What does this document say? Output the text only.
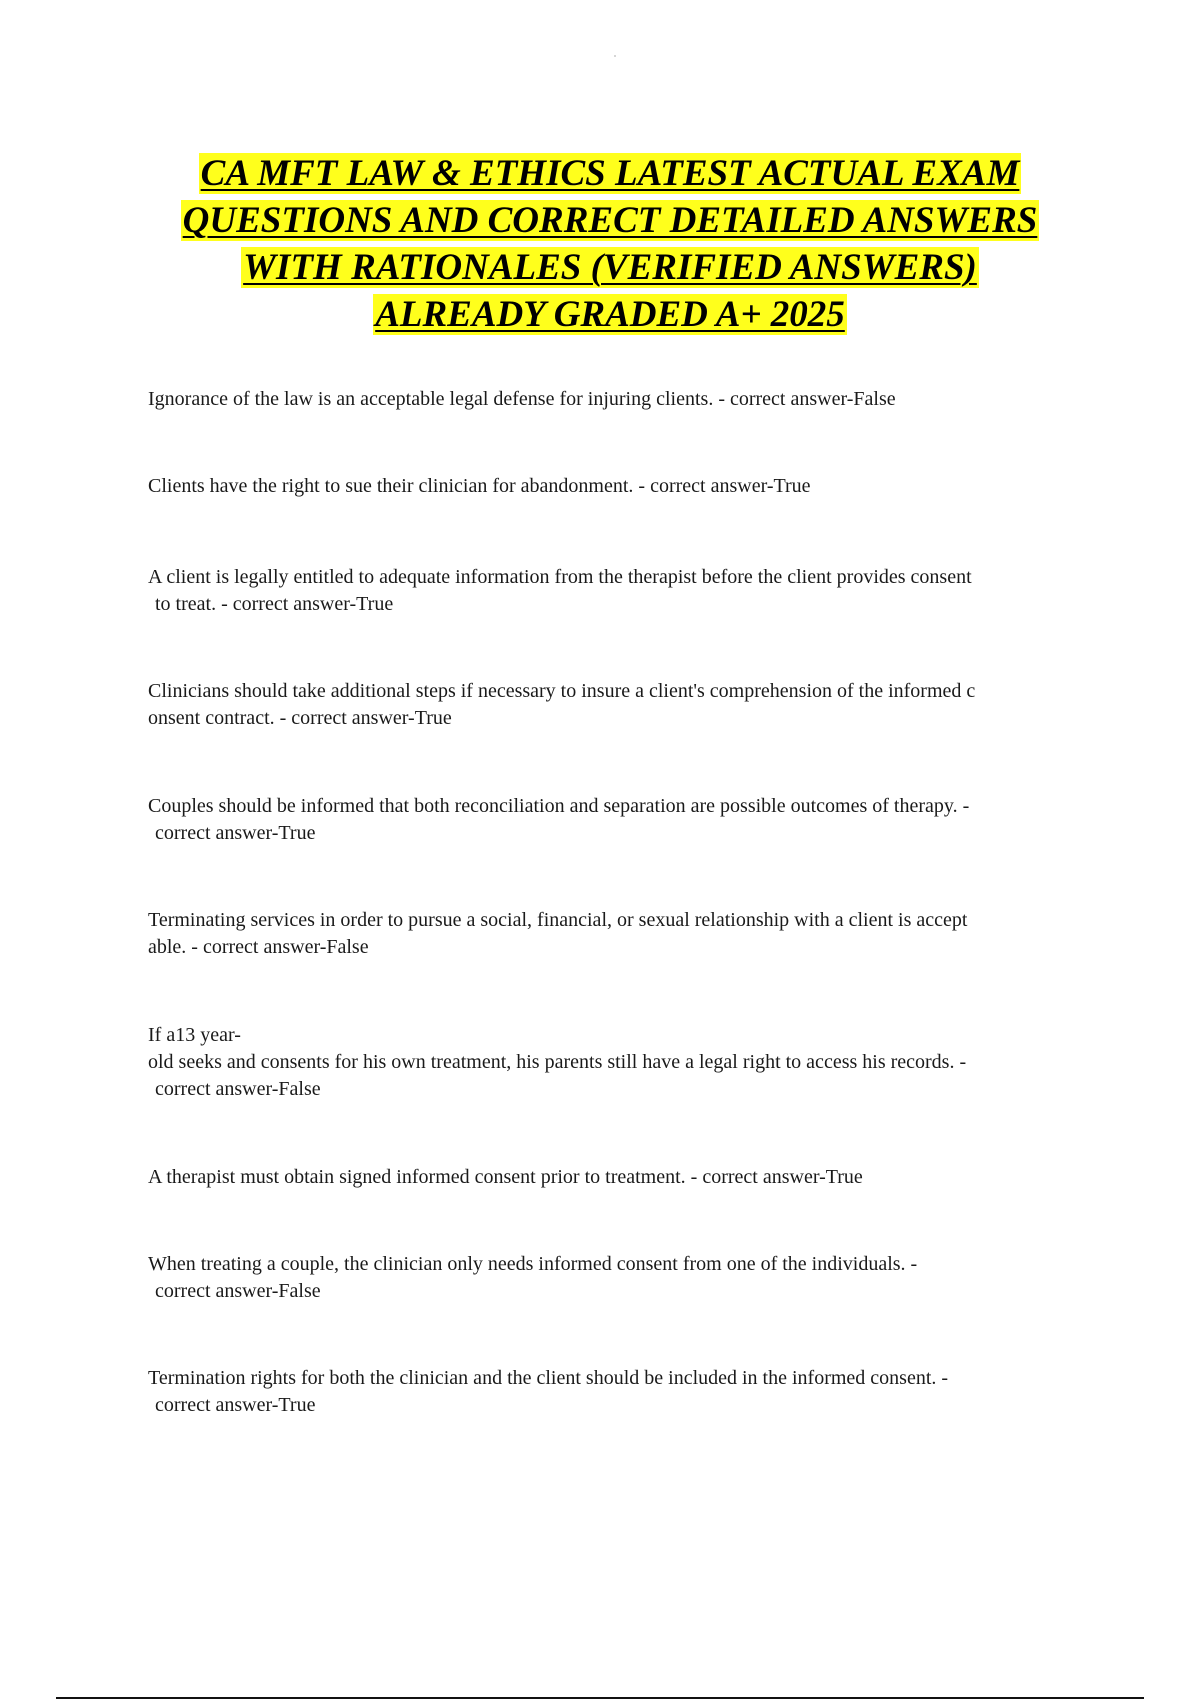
CA MFT LAW & ETHICS LATEST ACTUAL EXAM
QUESTIONS AND CORRECT DETAILED ANSWERS
WITH RATIONALES (VERIFIED ANSWERS)
ALREADY GRADED A+ 2025
Ignorance of the law is an acceptable legal defense for injuring clients. - correct answer-False
Clients have the right to sue their clinician for abandonment. - correct answer-True
A client is legally entitled to adequate information from the therapist before the client provides consent
to treat. - correct answer-True
Clinicians should take additional steps if necessary to insure a client's comprehension of the informed c
onsent contract. - correct answer-True
Couples should be informed that both reconciliation and separation are possible outcomes of therapy. -
correct answer-True
Terminating services in order to pursue a social, financial, or sexual relationship with a client is accept
able. - correct answer-False
If a13 year-
old seeks and consents for his own treatment, his parents still have a legal right to access his records. -
correct answer-False
A therapist must obtain signed informed consent prior to treatment. - correct answer-True
When treating a couple, the clinician only needs informed consent from one of the individuals. -
correct answer-False
Termination rights for both the clinician and the client should be included in the informed consent. -
correct answer-True
